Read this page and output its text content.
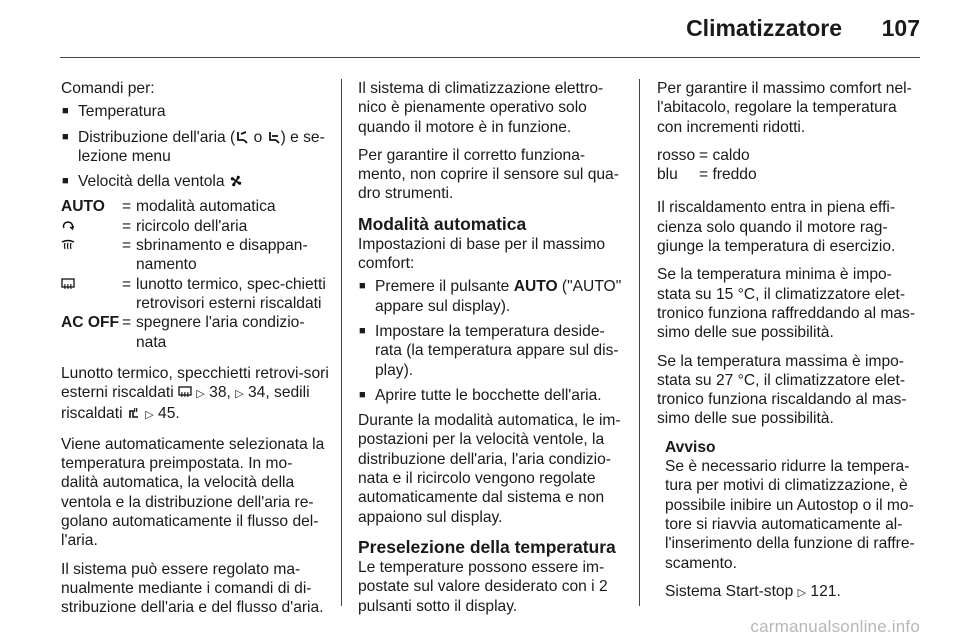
Climatizzatore 107

Comandi per:

■ Temperatura
■ Distribuzione dell'aria ( o ) e se-lezione menu
■ Velocità della ventola
AUTO	= modalità automatica
= ricircolo dell'aria
= sbrinamento e disappan-namento
= lunotto termico, spec-chietti retrovisori esterni riscaldati
AC OFF = spegnere l'aria condizio-nata

Lunotto termico, specchietti retrovi-sori esterni riscaldati  ▷ 38, ▷ 34, sedili riscaldati  ▷ 45.

Viene automaticamente selezionata la temperatura preimpostata. In mo-dalità automatica, la velocità della ventola e la distribuzione dell'aria re-golano automaticamente il flusso del-l'aria.

Il sistema può essere regolato ma-nualmente mediante i comandi di di-stribuzione dell'aria e del flusso d'aria.

Il sistema di climatizzazione elettro-nico è pienamente operativo solo quando il motore è in funzione.

Per garantire il corretto funziona-mento, non coprire il sensore sul qua-dro strumenti.

Modalità automatica

Impostazioni di base per il massimo comfort:

■ Premere il pulsante AUTO ("AUTO" appare sul display).
■ Impostare la temperatura deside-rata (la temperatura appare sul dis-play).
■ Aprire tutte le bocchette dell'aria.

Durante la modalità automatica, le im-postazioni per la velocità ventole, la distribuzione dell'aria, l'aria condizio-nata e il ricircolo vengono regolate automaticamente dal sistema e non appaiono sul display.

Preselezione della temperatura

Le temperature possono essere im-postate sul valore desiderato con i 2 pulsanti sotto il display.

Per garantire il massimo comfort nel-l'abitacolo, regolare la temperatura con incrementi ridotti.

rosso = caldo
blu	= freddo

Il riscaldamento entra in piena effi-cienza solo quando il motore rag-giunge la temperatura di esercizio.

Se la temperatura minima è impo-stata su 15 °C, il climatizzatore elet-tronico funziona raffreddando al mas-simo delle sue possibilità.

Se la temperatura massima è impo-stata su 27 °C, il climatizzatore elet-tronico funziona riscaldando al mas-simo delle sue possibilità.

Avviso

Se è necessario ridurre la tempera-tura per motivi di climatizzazione, è possibile inibire un Autostop o il mo-tore si riavvia automaticamente al-l'inserimento della funzione di raffre-scamento.

Sistema Start-stop ▷ 121.

carmanualsonline.info
